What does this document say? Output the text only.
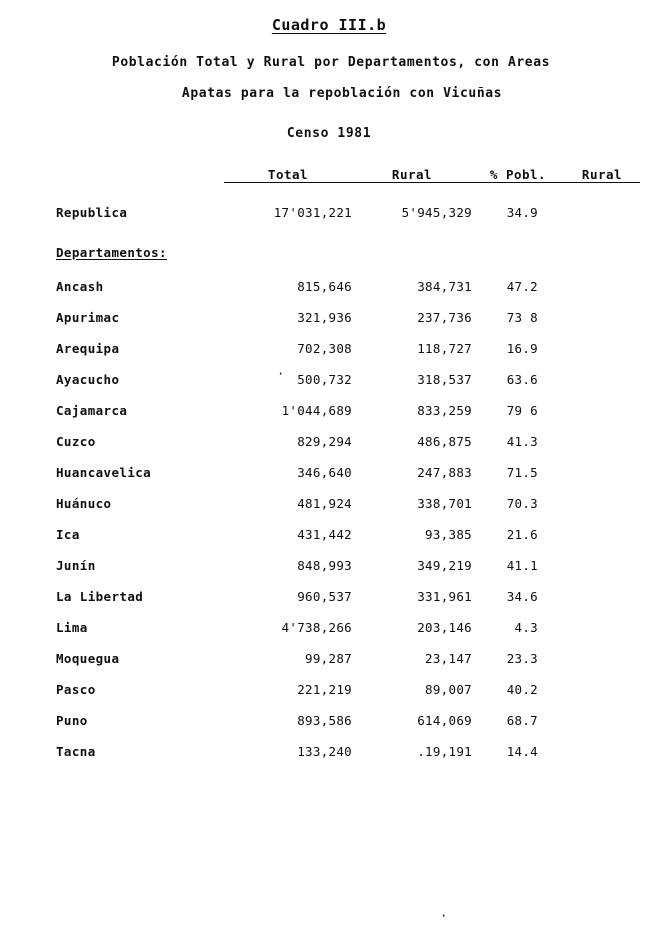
Cuadro III.b
Población Total y Rural por Departamentos, con Areas
Apatas para la repoblación con Vicuñas
Censo 1981
	Total	Rural	% Pobl.	Rural

Republica	17'031,221	5'945,329	34.9	
Departamentos:				
Ancash	815,646	384,731	47.2	
Apurimac	321,936	237,736	73 8	
Arequipa	702,308	118,727	16.9	
Ayacucho	500,732	318,537	63.6	
Cajamarca	1'044,689	833,259	79 6	
Cuzco	829,294	486,875	41.3	
Huancavelica	346,640	247,883	71.5	
Huánuco	481,924	338,701	70.3	
Ica	431,442	93,385	21.6	
Junín	848,993	349,219	41.1	
La Libertad	960,537	331,961	34.6	
Lima	4'738,266	203,146	4.3	
Moquegua	99,287	23,147	23.3	
Pasco	221,219	89,007	40.2	
Puno	893,586	614,069	68.7	
Tacna	133,240	.19,191	14.4	
·
·
